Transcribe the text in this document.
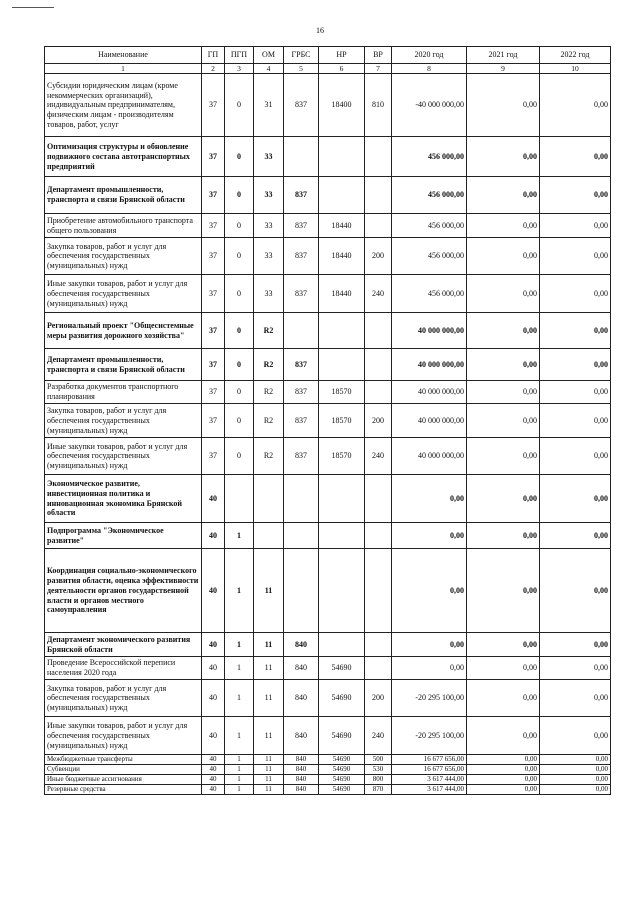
16
Наименование	ГП	ПГП	ОМ	ГРБС	НР	ВР	2020 год	2021 год	2022 год
1	2	3	4	5	6	7	8	9	10
Субсидии юридическим лицам (кроме некоммерческих организаций), индивидуальным предпринимателям, физическим лицам - производителям товаров, работ, услуг	37	0	31	837	18400	810	-40 000 000,00	0,00	0,00
Оптимизация структуры и обновление подвижного состава автотранспортных предприятий	37	0	33				456 000,00	0,00	0,00
Департамент промышленности, транспорта и связи Брянской области	37	0	33	837			456 000,00	0,00	0,00
Приобретение автомобильного транспорта общего пользования	37	0	33	837	18440		456 000,00	0,00	0,00
Закупка товаров, работ и услуг для обеспечения государственных (муниципальных) нужд	37	0	33	837	18440	200	456 000,00	0,00	0,00
Иные закупки товаров, работ и услуг для обеспечения государственных (муниципальных) нужд	37	0	33	837	18440	240	456 000,00	0,00	0,00
Региональный проект "Общесистемные меры развития дорожного хозяйства"	37	0	R2				40 000 000,00	0,00	0,00
Департамент промышленности, транспорта и связи Брянской области	37	0	R2	837			40 000 000,00	0,00	0,00
Разработка документов транспортного планирования	37	0	R2	837	18570		40 000 000,00	0,00	0,00
Закупка товаров, работ и услуг для обеспечения государственных (муниципальных) нужд	37	0	R2	837	18570	200	40 000 000,00	0,00	0,00
Иные закупки товаров, работ и услуг для обеспечения государственных (муниципальных) нужд	37	0	R2	837	18570	240	40 000 000,00	0,00	0,00
Экономическое развитие, инвестиционная политика и инновационная экономика Брянской области	40						0,00	0,00	0,00
Подпрограмма "Экономическое развитие"	40	1					0,00	0,00	0,00
Координация социально-экономического развития области, оценка эффективности деятельности органов государственной власти и органов местного самоуправления	40	1	11				0,00	0,00	0,00
Департамент экономического развития Брянской области	40	1	11	840			0,00	0,00	0,00
Проведение Всероссийской переписи населения 2020 года	40	1	11	840	54690		0,00	0,00	0,00
Закупка товаров, работ и услуг для обеспечения государственных (муниципальных) нужд	40	1	11	840	54690	200	-20 295 100,00	0,00	0,00
Иные закупки товаров, работ и услуг для обеспечения государственных (муниципальных) нужд	40	1	11	840	54690	240	-20 295 100,00	0,00	0,00
Межбюджетные трансферты	40	1	11	840	54690	500	16 677 656,00	0,00	0,00
Субвенции	40	1	11	840	54690	530	16 677 656,00	0,00	0,00
Иные бюджетные ассигнования	40	1	11	840	54690	800	3 617 444,00	0,00	0,00
Резервные средства	40	1	11	840	54690	870	3 617 444,00	0,00	0,00
